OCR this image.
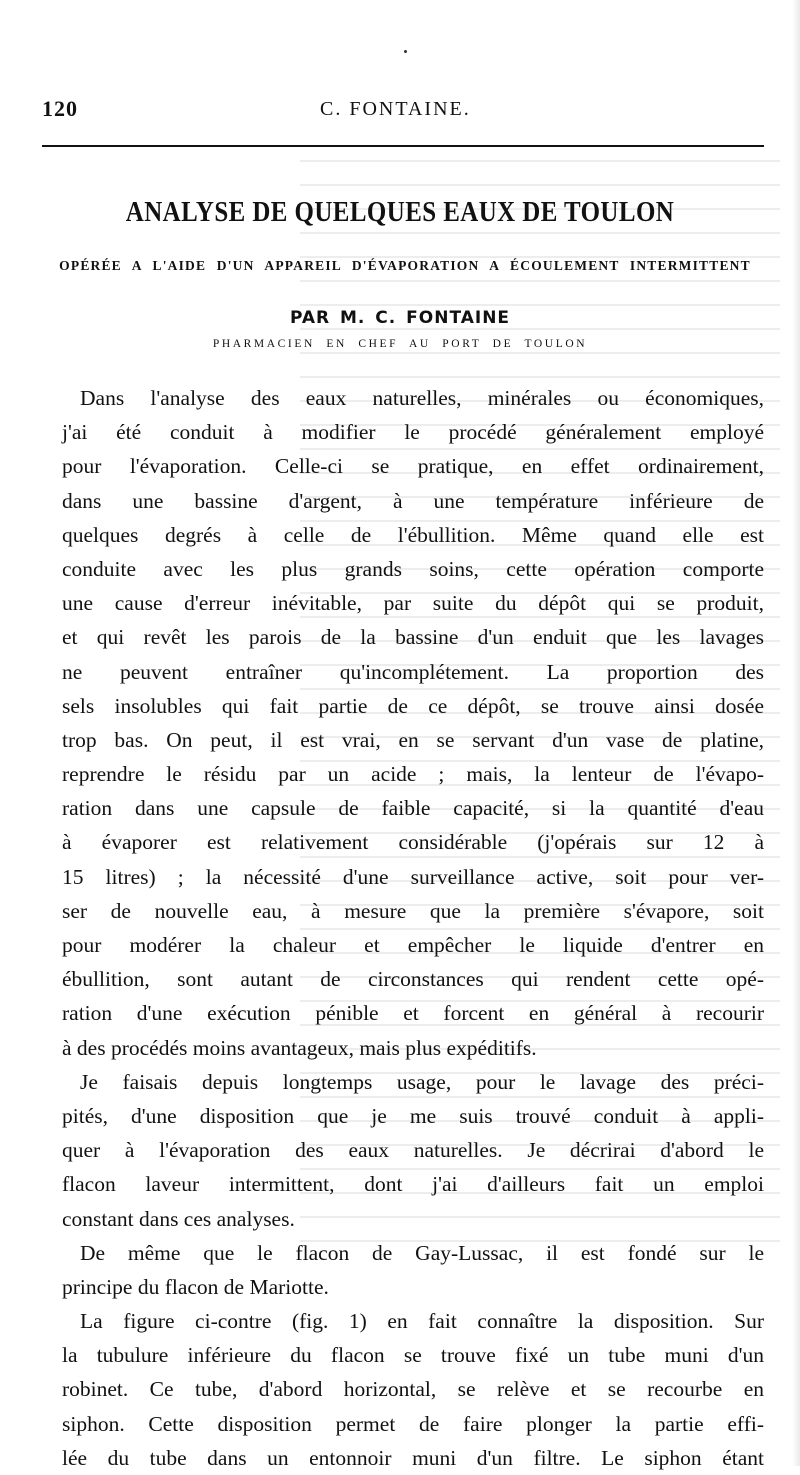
120	C. FONTAINE.
ANALYSE DE QUELQUES EAUX DE TOULON
OPÉRÉE A L'AIDE D'UN APPAREIL D'ÉVAPORATION A ÉCOULEMENT INTERMITTENT
PAR M. C. FONTAINE
PHARMACIEN EN CHEF AU PORT DE TOULON
Dans l'analyse des eaux naturelles, minérales ou économiques,
j'ai été conduit à modifier le procédé généralement employé
pour l'évaporation. Celle-ci se pratique, en effet ordinairement,
dans une bassine d'argent, à une température inférieure de
quelques degrés à celle de l'ébullition. Même quand elle est
conduite avec les plus grands soins, cette opération comporte
une cause d'erreur inévitable, par suite du dépôt qui se produit,
et qui revêt les parois de la bassine d'un enduit que les lavages
ne peuvent entraîner qu'incomplétement. La proportion des
sels insolubles qui fait partie de ce dépôt, se trouve ainsi dosée
trop bas. On peut, il est vrai, en se servant d'un vase de platine,
reprendre le résidu par un acide ; mais, la lenteur de l'évapo-
ration dans une capsule de faible capacité, si la quantité d'eau
à évaporer est relativement considérable (j'opérais sur 12 à
15 litres) ; la nécessité d'une surveillance active, soit pour ver-
ser de nouvelle eau, à mesure que la première s'évapore, soit
pour modérer la chaleur et empêcher le liquide d'entrer en
ébullition, sont autant de circonstances qui rendent cette opé-
ration d'une exécution pénible et forcent en général à recourir
à des procédés moins avantageux, mais plus expéditifs.
Je faisais depuis longtemps usage, pour le lavage des préci-
pités, d'une disposition que je me suis trouvé conduit à appli-
quer à l'évaporation des eaux naturelles. Je décrirai d'abord le
flacon laveur intermittent, dont j'ai d'ailleurs fait un emploi
constant dans ces analyses.
De même que le flacon de Gay-Lussac, il est fondé sur le
principe du flacon de Mariotte.
La figure ci-contre (fig. 1) en fait connaître la disposition. Sur
la tubulure inférieure du flacon se trouve fixé un tube muni d'un
robinet. Ce tube, d'abord horizontal, se relève et se recourbe en
siphon. Cette disposition permet de faire plonger la partie effi-
lée du tube dans un entonnoir muni d'un filtre. Le siphon étant
